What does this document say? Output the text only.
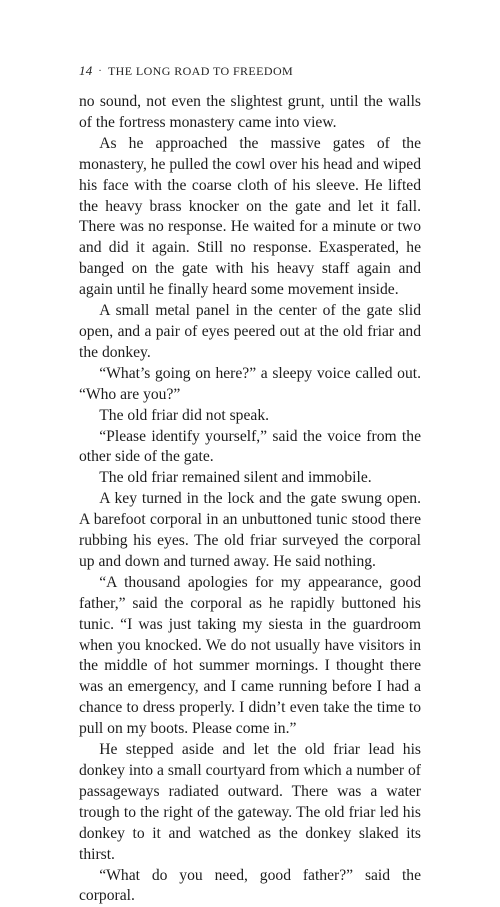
14 · THE LONG ROAD TO FREEDOM

no sound, not even the slightest grunt, until the walls of the fortress monastery came into view.

As he approached the massive gates of the monastery, he pulled the cowl over his head and wiped his face with the coarse cloth of his sleeve. He lifted the heavy brass knocker on the gate and let it fall. There was no response. He waited for a minute or two and did it again. Still no response. Exasperated, he banged on the gate with his heavy staff again and again until he finally heard some movement inside.

A small metal panel in the center of the gate slid open, and a pair of eyes peered out at the old friar and the donkey.

“What’s going on here?” a sleepy voice called out. “Who are you?”

The old friar did not speak.

“Please identify yourself,” said the voice from the other side of the gate.

The old friar remained silent and immobile.

A key turned in the lock and the gate swung open. A barefoot corporal in an unbuttoned tunic stood there rubbing his eyes. The old friar surveyed the corporal up and down and turned away. He said nothing.

“A thousand apologies for my appearance, good father,” said the corporal as he rapidly buttoned his tunic. “I was just taking my siesta in the guardroom when you knocked. We do not usually have visitors in the middle of hot summer mornings. I thought there was an emergency, and I came running before I had a chance to dress properly. I didn’t even take the time to pull on my boots. Please come in.”

He stepped aside and let the old friar lead his donkey into a small courtyard from which a number of passageways radiated outward. There was a water trough to the right of the gateway. The old friar led his donkey to it and watched as the donkey slaked its thirst.

“What do you need, good father?” said the corporal.
